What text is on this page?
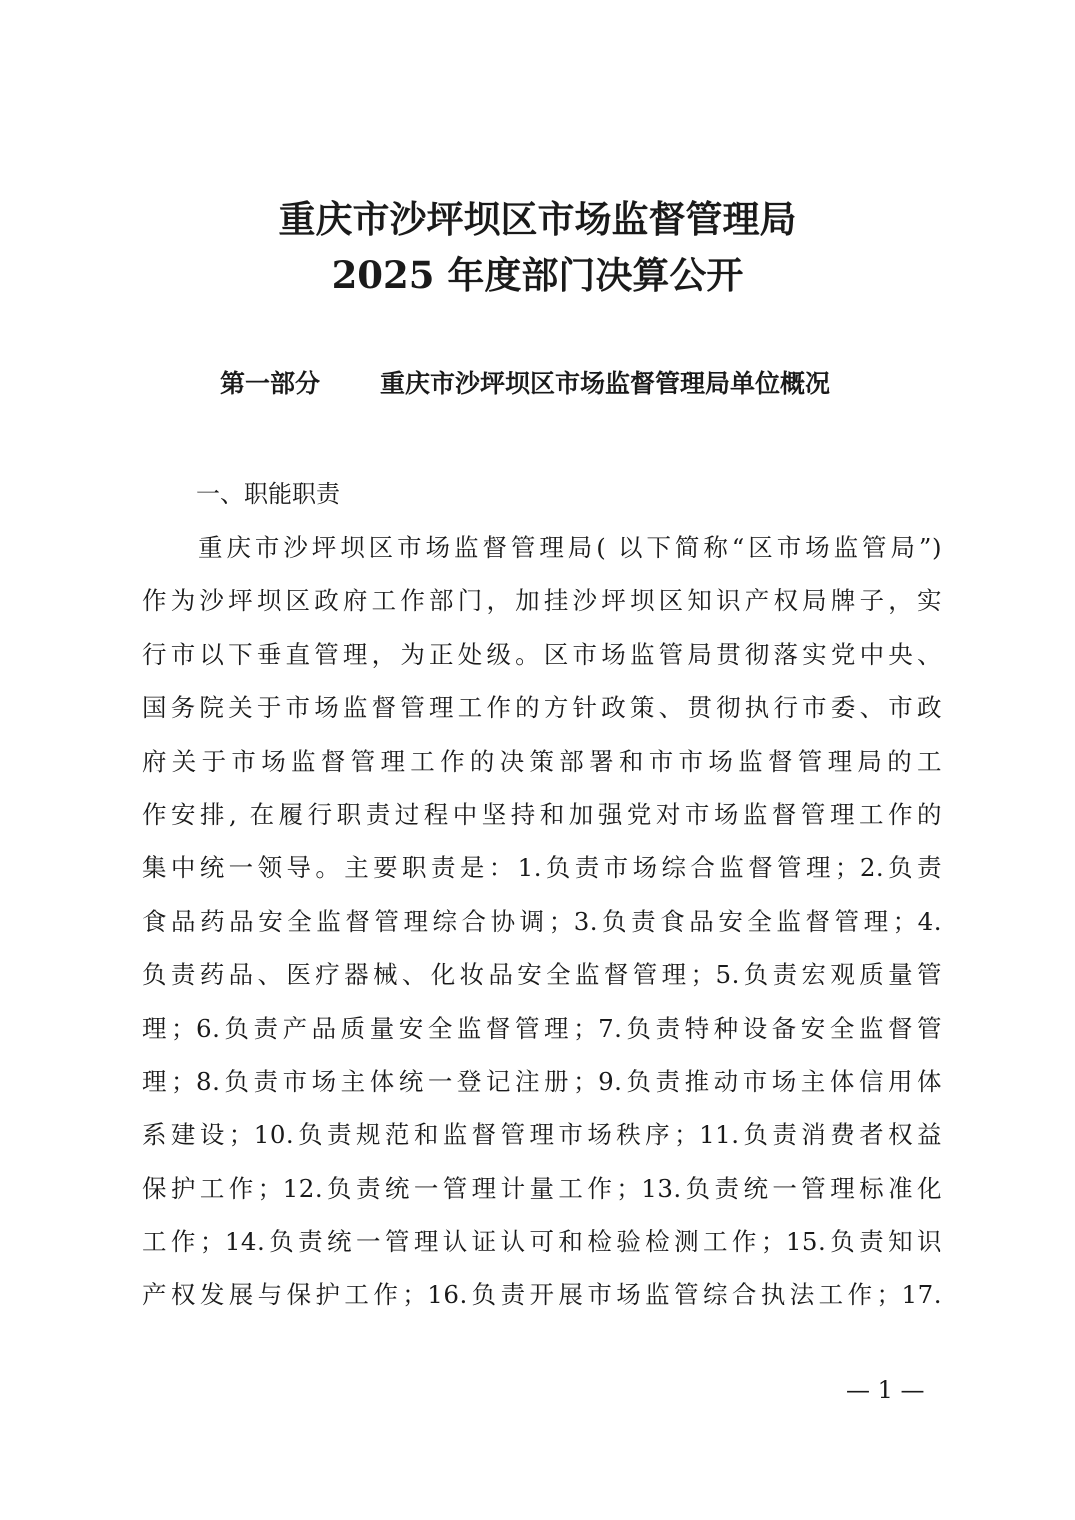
重庆市沙坪坝区市场监督管理局
2025 年度部门决算公开
第一部分 重庆市沙坪坝区市场监督管理局单位概况
一、职能职责
重庆市沙坪坝区市场监督管理局( 以下简称“区市场监管局”)
作为沙坪坝区政府工作部门，加挂沙坪坝区知识产权局牌子，实
行市以下垂直管理，为正处级。区市场监管局贯彻落实党中央、
国务院关于市场监督管理工作的方针政策、贯彻执行市委、市政
府关于市场监督管理工作的决策部署和市市场监督管理局的工
作安排, 在履行职责过程中坚持和加强党对市场监督管理工作的
集中统一领导。主要职责是：1.负责市场综合监督管理；2.负责
食品药品安全监督管理综合协调；3.负责食品安全监督管理；4.
负责药品、医疗器械、化妆品安全监督管理；5.负责宏观质量管
理；6.负责产品质量安全监督管理；7.负责特种设备安全监督管
理；8.负责市场主体统一登记注册；9.负责推动市场主体信用体
系建设；10.负责规范和监督管理市场秩序；11.负责消费者权益
保护工作；12.负责统一管理计量工作；13.负责统一管理标准化
工作；14.负责统一管理认证认可和检验检测工作；15.负责知识
产权发展与保护工作；16.负责开展市场监管综合执法工作；17.
— 1 —
